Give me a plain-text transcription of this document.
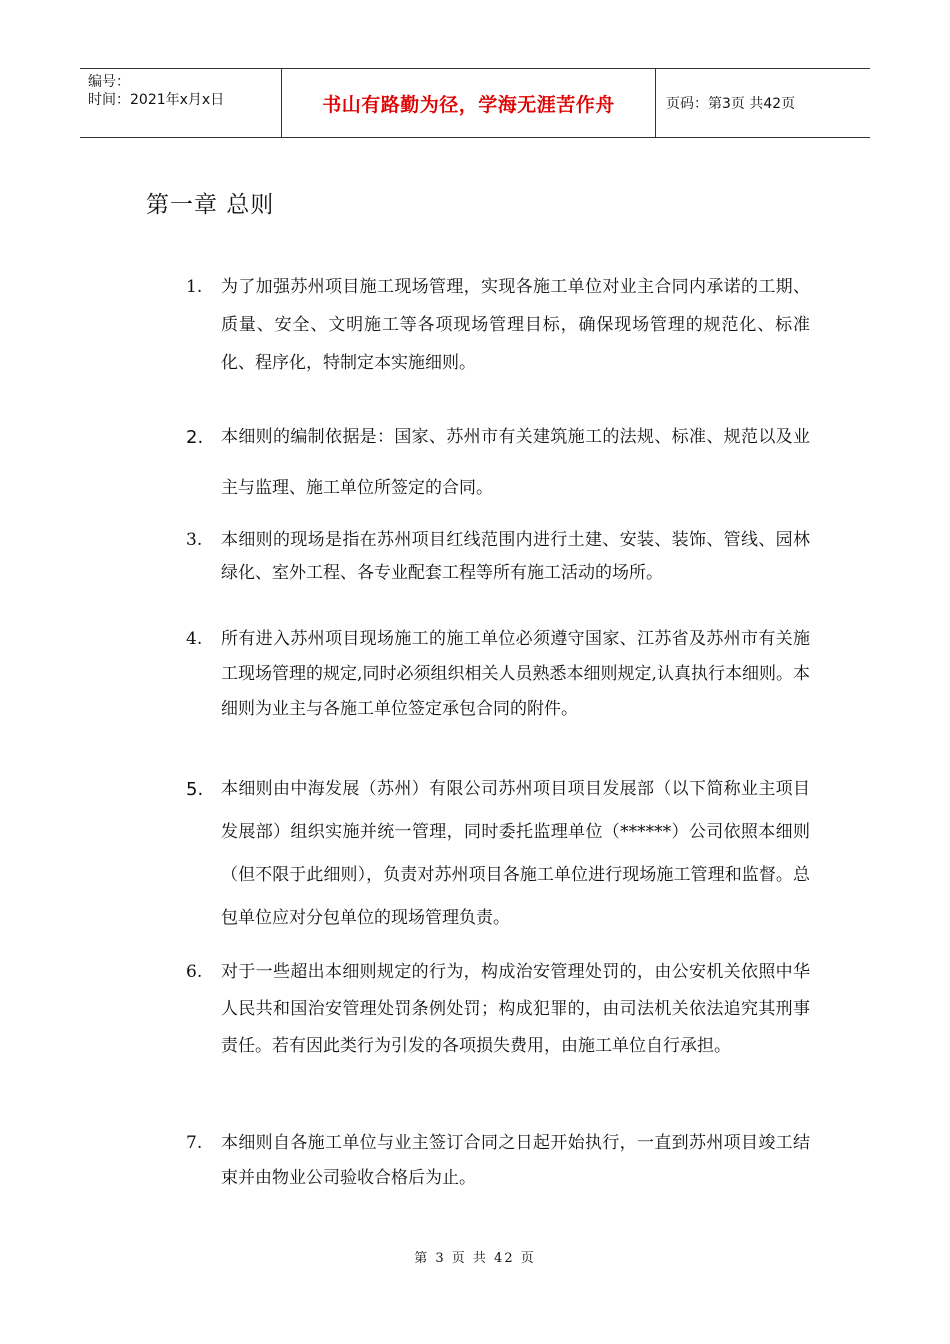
编号：
时间：2021年x月x日	书山有路勤为径，学海无涯苦作舟	页码：第3页 共42页
第一章 总则
1.	为了加强苏州项目施工现场管理，实现各施工单位对业主合同内承诺的工期、质量、安全、文明施工等各项现场管理目标，确保现场管理的规范化、标准化、程序化，特制定本实施细则。
2.	本细则的编制依据是：国家、苏州市有关建筑施工的法规、标准、规范以及业主与监理、施工单位所签定的合同。
3.	本细则的现场是指在苏州项目红线范围内进行土建、安装、装饰、管线、园林绿化、室外工程、各专业配套工程等所有施工活动的场所。
4.	所有进入苏州项目现场施工的施工单位必须遵守国家、江苏省及苏州市有关施工现场管理的规定,同时必须组织相关人员熟悉本细则规定,认真执行本细则。本细则为业主与各施工单位签定承包合同的附件。
5.	本细则由中海发展（苏州）有限公司苏州项目项目发展部（以下简称业主项目发展部）组织实施并统一管理，同时委托监理单位（******）公司依照本细则（但不限于此细则），负责对苏州项目各施工单位进行现场施工管理和监督。总包单位应对分包单位的现场管理负责。
6.	对于一些超出本细则规定的行为，构成治安管理处罚的，由公安机关依照中华人民共和国治安管理处罚条例处罚；构成犯罪的，由司法机关依法追究其刑事责任。若有因此类行为引发的各项损失费用，由施工单位自行承担。
7.	本细则自各施工单位与业主签订合同之日起开始执行，一直到苏州项目竣工结束并由物业公司验收合格后为止。
第 3 页 共 42 页
